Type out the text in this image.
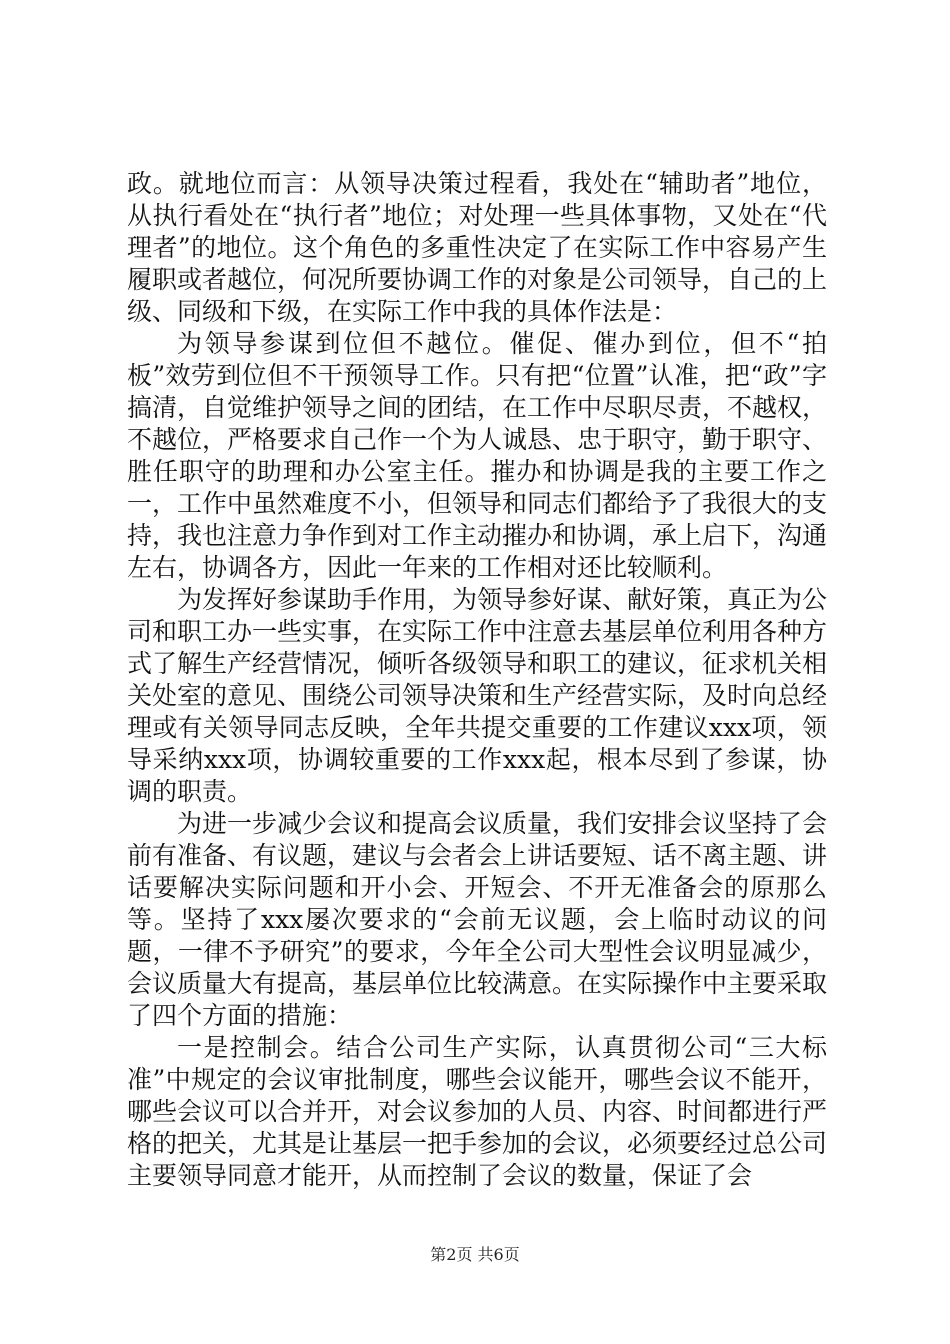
政。就地位而言：从领导决策过程看，我处在“辅助者”地位，从执行看处在“执行者”地位；对处理一些具体事物，又处在“代理者”的地位。这个角色的多重性决定了在实际工作中容易产生履职或者越位，何况所要协调工作的对象是公司领导，自己的上级、同级和下级，在实际工作中我的具体作法是：

为领导参谋到位但不越位。催促、催办到位，但不“拍板”效劳到位但不干预领导工作。只有把“位置”认准，把“政”字搞清，自觉维护领导之间的团结，在工作中尽职尽责，不越权，不越位，严格要求自己作一个为人诚恳、忠于职守，勤于职守、胜任职守的助理和办公室主任。摧办和协调是我的主要工作之一，工作中虽然难度不小，但领导和同志们都给予了我很大的支持，我也注意力争作到对工作主动摧办和协调，承上启下，沟通左右，协调各方，因此一年来的工作相对还比较顺利。

为发挥好参谋助手作用，为领导参好谋、献好策，真正为公司和职工办一些实事，在实际工作中注意去基层单位利用各种方式了解生产经营情况，倾听各级领导和职工的建议，征求机关相关处室的意见、围绕公司领导决策和生产经营实际，及时向总经理或有关领导同志反映，全年共提交重要的工作建议xxx项，领导采纳xxx项，协调较重要的工作xxx起，根本尽到了参谋，协调的职责。

为进一步减少会议和提高会议质量，我们安排会议坚持了会前有准备、有议题，建议与会者会上讲话要短、话不离主题、讲话要解决实际问题和开小会、开短会、不开无准备会的原那么等。坚持了xxx屡次要求的“会前无议题，会上临时动议的问题，一律不予研究”的要求，今年全公司大型性会议明显减少，会议质量大有提高，基层单位比较满意。在实际操作中主要采取了四个方面的措施：

一是控制会。结合公司生产实际，认真贯彻公司“三大标准”中规定的会议审批制度，哪些会议能开，哪些会议不能开，哪些会议可以合并开，对会议参加的人员、内容、时间都进行严格的把关，尤其是让基层一把手参加的会议，必须要经过总公司主要领导同意才能开，从而控制了会议的数量，保证了会

第2页 共6页
